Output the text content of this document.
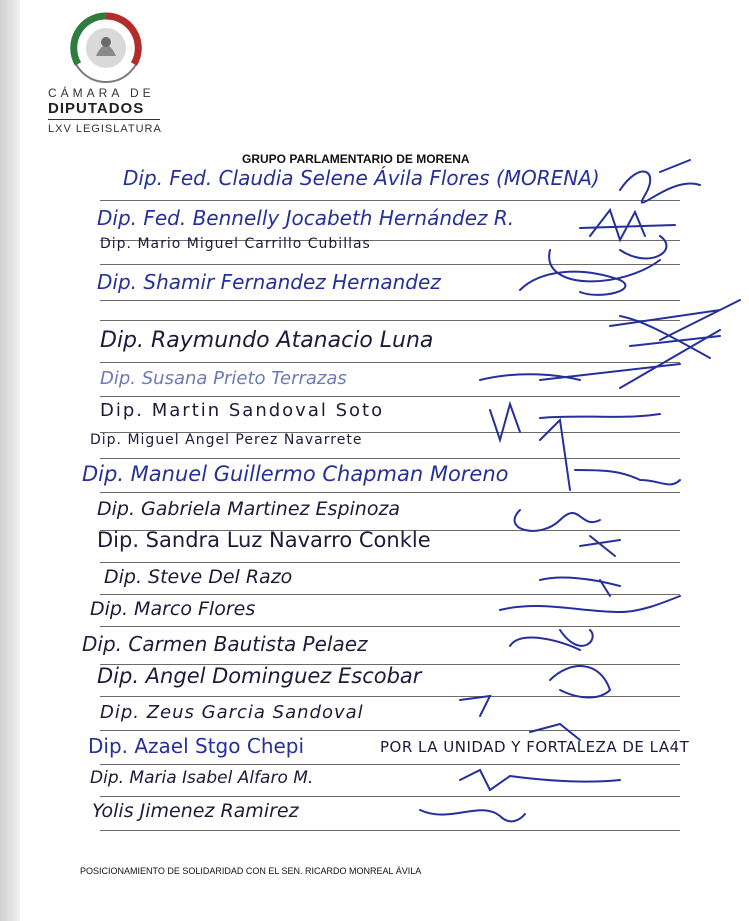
CÁMARA DE
DIPUTADOS
LXV LEGISLATURA
GRUPO PARLAMENTARIO DE MORENA
Dip. Fed. Claudia Selene Ávila Flores (MORENA)
Dip. Fed. Bennelly Jocabeth Hernández R.
Dip. Mario Miguel Carrillo Cubillas
Dip. Shamir Fernandez Hernandez
Dip. Raymundo Atanacio Luna
Dip. Susana Prieto Terrazas
Dip. Martin Sandoval Soto
Dip. Miguel Angel Perez Navarrete
Dip. Manuel Guillermo Chapman Moreno
Dip. Gabriela Martinez Espinoza
Dip. Sandra Luz Navarro Conkle
Dip. Steve Del Razo
Dip. Marco Flores
Dip. Carmen Bautista Pelaez
Dip. Angel Dominguez Escobar
Dip. Zeus Garcia Sandoval
Dip. Azael Stgo Chepi	POR LA UNIDAD Y FORTALEZA DE LA4T
Dip. Maria Isabel Alfaro M.
Yolis Jimenez Ramirez
POSICIONAMIENTO DE SOLIDARIDAD CON EL SEN. RICARDO MONREAL ÁVILA
